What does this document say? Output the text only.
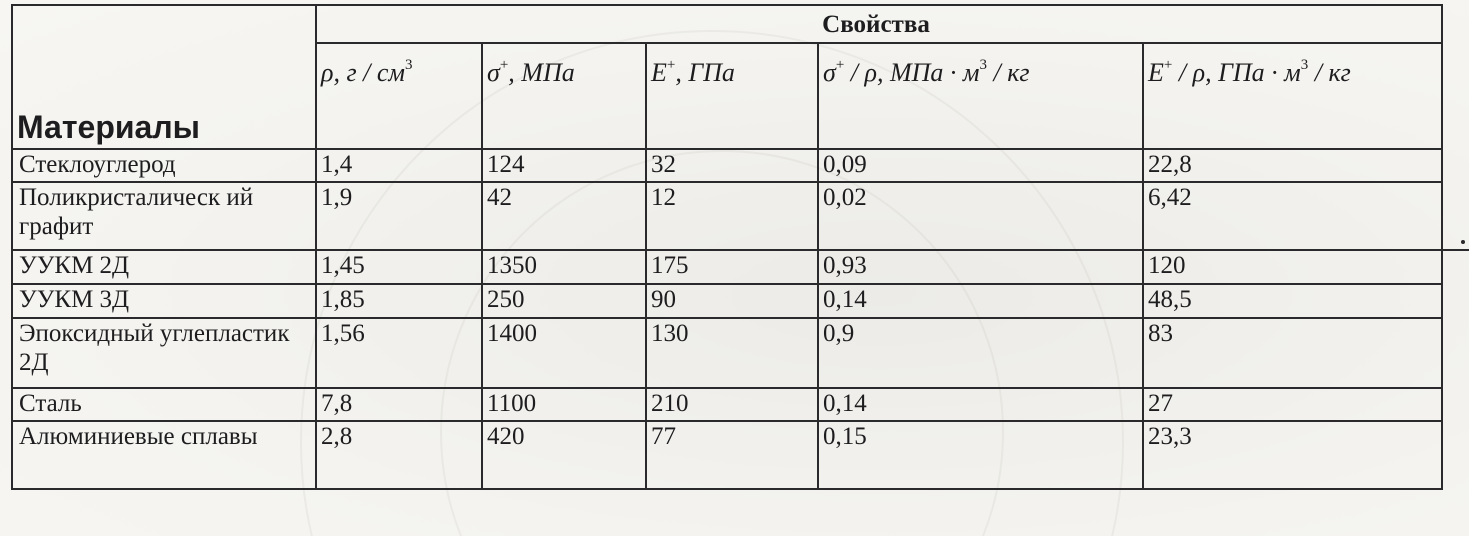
Материалы	Свойства				
	ρ, г / $см^3$	σ+, МПа	E+, ГПа	σ+ / ρ, МПа · $м^3$ / кг	E+ / ρ, ГПа · $м^3$ / кг
Стеклоуглерод	1,4	124	32	0,09	22,8
Поликристалическ ий графит	1,9	42	12	0,02	6,42
УУКМ 2Д	1,45	1350	175	0,93	120
УУКМ 3Д	1,85	250	90	0,14	48,5
Эпоксидный углепластик 2Д	1,56	1400	130	0,9	83
Сталь	7,8	1100	210	0,14	27
Алюминиевые сплавы	2,8	420	77	0,15	23,3
